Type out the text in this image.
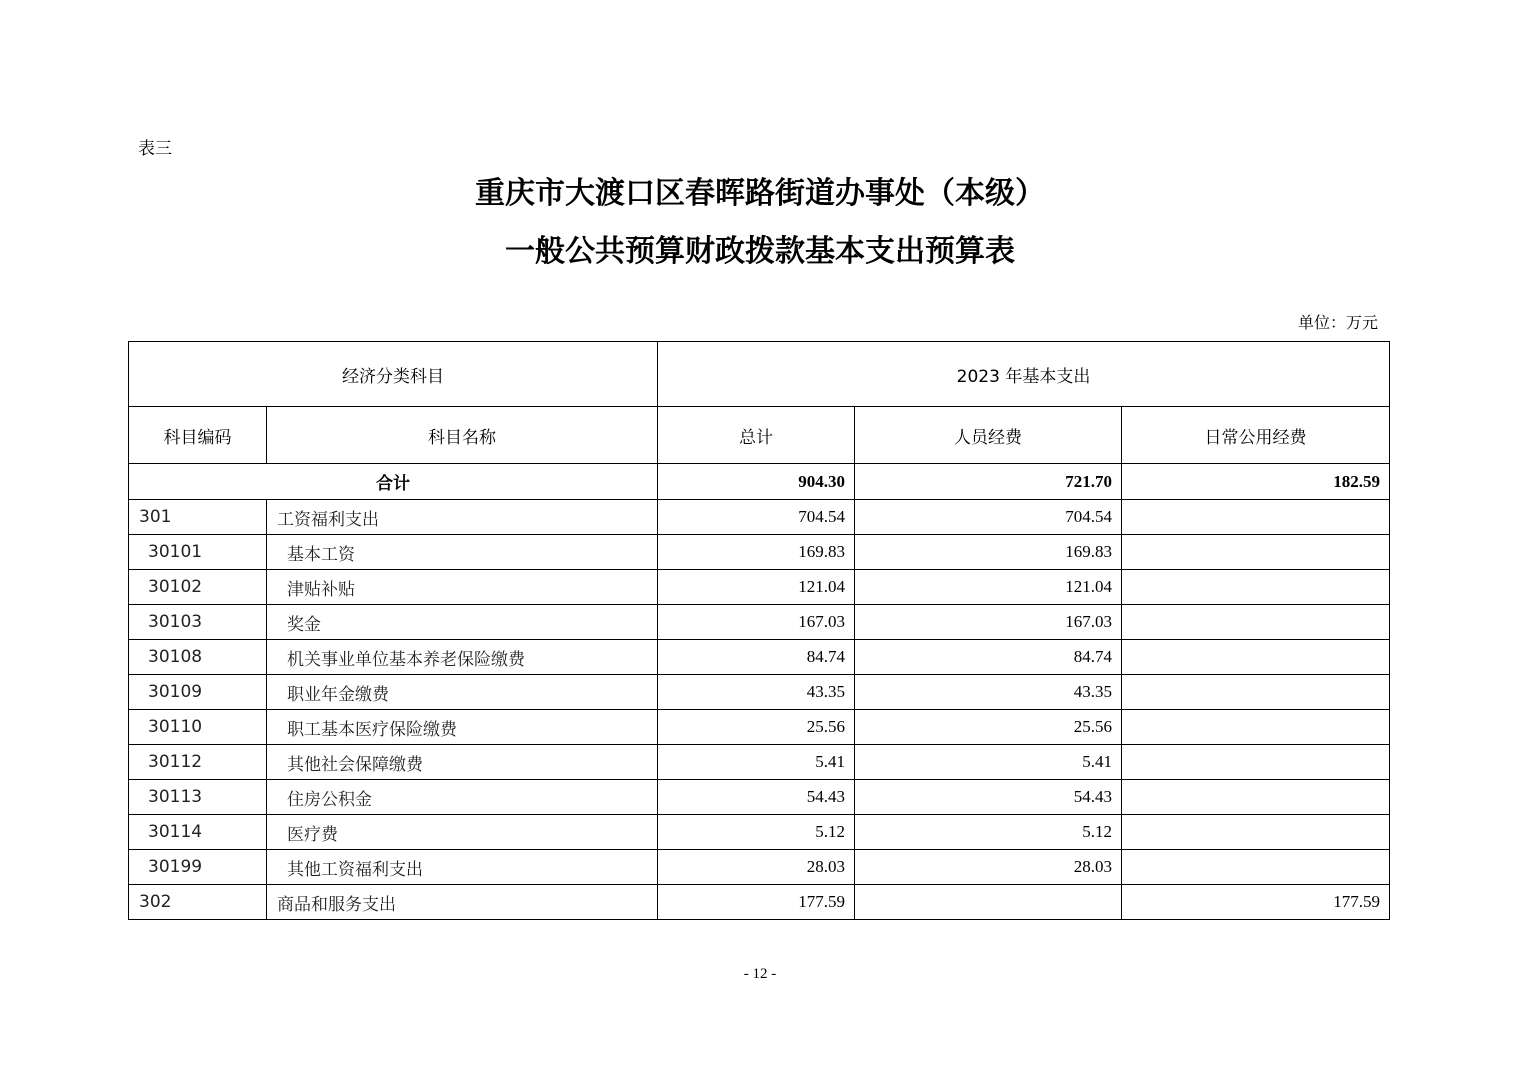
表三
重庆市大渡口区春晖路街道办事处（本级）
一般公共预算财政拨款基本支出预算表
单位：万元
经济分类科目		2023 年基本支出		
科目编码	科目名称	总计	人员经费	日常公用经费
合计		904.30	721.70	182.59
301	工资福利支出	704.54	704.54	
30101	基本工资	169.83	169.83	
30102	津贴补贴	121.04	121.04	
30103	奖金	167.03	167.03	
30108	机关事业单位基本养老保险缴费	84.74	84.74	
30109	职业年金缴费	43.35	43.35	
30110	职工基本医疗保险缴费	25.56	25.56	
30112	其他社会保障缴费	5.41	5.41	
30113	住房公积金	54.43	54.43	
30114	医疗费	5.12	5.12	
30199	其他工资福利支出	28.03	28.03	
302	商品和服务支出	177.59		177.59
- 12 -
